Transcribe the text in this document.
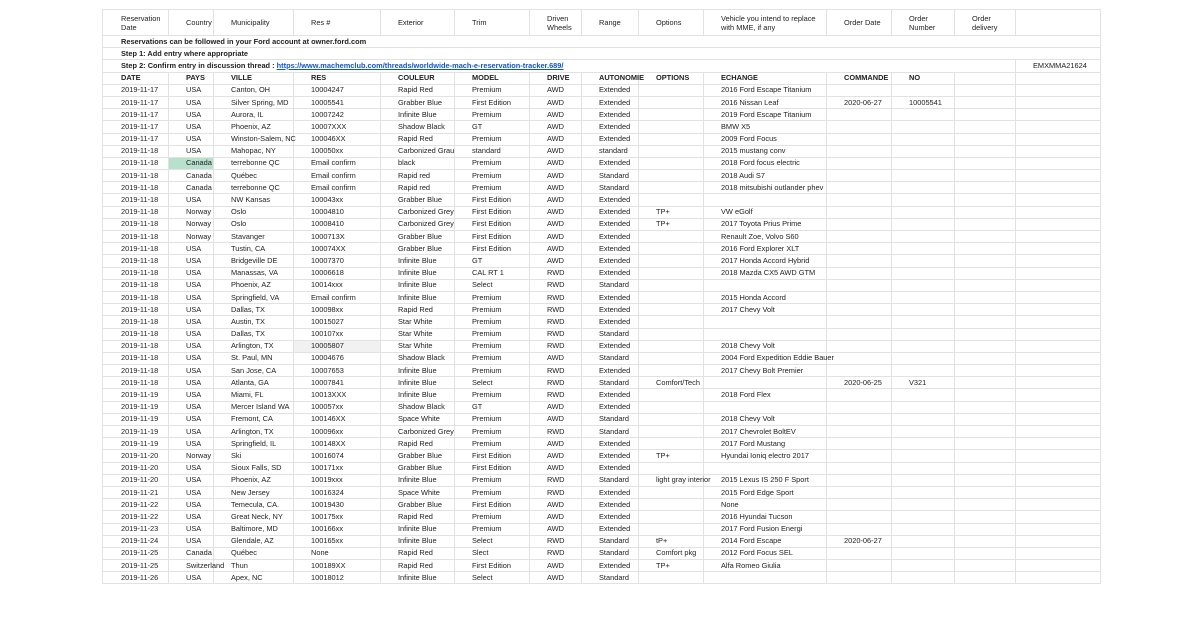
Reservation Date	Country	Municipality	Res #	Exterior	Trim	Driven Wheels	Range	Options	Vehicle you intend to replace with MME, if any	Order Date	Order Number	Order delivery	
Reservations can be followed in your Ford account at owner.ford.com													
Step 1: Add entry where appropriate													
Step 2: Confirm entry in discussion thread : https://www.machemclub.com/threads/worldwide-mach-e-reservation-tracker.689/													EMXMMA21624
DATE	PAYS	VILLE	RES	COULEUR	MODEL	DRIVE	AUTONOMIE	OPTIONS	ECHANGE	COMMANDE	NO		
2019-11-17	USA	Canton, OH	10004247	Rapid Red	Premium	AWD	Extended		2016 Ford Escape Titanium				
2019-11-17	USA	Silver Spring, MD	10005541	Grabber Blue	First Edition	AWD	Extended		2016 Nissan Leaf	2020-06-27	10005541		
2019-11-17	USA	Aurora, IL	10007242	Infinite Blue	Premium	AWD	Extended		2019 Ford Escape Titanium				
2019-11-17	USA	Phoenix, AZ	10007XXX	Shadow Black	GT	AWD	Extended		BMW X5				
2019-11-17	USA	Winston-Salem, NC	100046XX	Rapid Red	Premium	AWD	Extended		2009 Ford Focus				
2019-11-18	USA	Mahopac, NY	100050xx	Carbonized Grau	standard	AWD	standard		2015 mustang conv				
2019-11-18	Canada	terrebonne QC	Email confirm	black	Premium	AWD	Extended		2018 Ford focus electric				
2019-11-18	Canada	Québec	Email confirm	Rapid red	Premium	AWD	Standard		2018 Audi S7				
2019-11-18	Canada	terrebonne QC	Email confirm	Rapid red	Premium	AWD	Standard		2018 mitsubishi outlander phev				
2019-11-18	USA	NW Kansas	100043xx	Grabber Blue	First Edition	AWD	Extended						
2019-11-18	Norway	Oslo	10004810	Carbonized Grey	First Edition	AWD	Extended	TP+	VW eGolf				
2019-11-18	Norway	Oslo	10008410	Carbonized Grey	First Edition	AWD	Extended	TP+	2017 Toyota Prius Prime				
2019-11-18	Norway	Stavanger	1000713X	Grabber Blue	First Edition	AWD	Extended		Renault Zoe, Volvo S60				
2019-11-18	USA	Tustin, CA	100074XX	Grabber Blue	First Edition	AWD	Extended		2016 Ford Explorer XLT				
2019-11-18	USA	Bridgeville DE	10007370	Infinite Blue	GT	AWD	Extended		2017 Honda Accord Hybrid				
2019-11-18	USA	Manassas, VA	10006618	Infinite Blue	CAL RT 1	RWD	Extended		2018 Mazda CX5 AWD GTM				
2019-11-18	USA	Phoenix, AZ	10014xxx	Infinite Blue	Select	RWD	Standard						
2019-11-18	USA	Springfield, VA	Email confirm	Infinite Blue	Premium	RWD	Extended		2015 Honda Accord				
2019-11-18	USA	Dallas, TX	100098xx	Rapid Red	Premium	RWD	Extended		2017 Chevy Volt				
2019-11-18	USA	Austin, TX	10015027	Star White	Premium	RWD	Extended						
2019-11-18	USA	Dallas, TX	100107xx	Star White	Premium	RWD	Standard						
2019-11-18	USA	Arlington, TX	10005807	Star White	Premium	RWD	Extended		2018 Chevy Volt				
2019-11-18	USA	St. Paul, MN	10004676	Shadow Black	Premium	AWD	Standard		2004 Ford Expedition Eddie Bauer				
2019-11-18	USA	San Jose, CA	10007653	Infinite Blue	Premium	RWD	Extended		2017 Chevy Bolt Premier				
2019-11-18	USA	Atlanta, GA	10007841	Infinite Blue	Select	RWD	Standard	Comfort/Tech		2020-06-25	V321		
2019-11-19	USA	Miami, FL	10013XXX	Infinite Blue	Premium	RWD	Extended		2018 Ford Flex				
2019-11-19	USA	Mercer Island WA	100057xx	Shadow Black	GT	AWD	Extended						
2019-11-19	USA	Fremont, CA	100146XX	Space White	Premium	AWD	Standard		2018 Chevy Volt				
2019-11-19	USA	Arlington, TX	100096xx	Carbonized Grey	Premium	RWD	Standard		2017 Chevrolet BoltEV				
2019-11-19	USA	Springfield, IL	100148XX	Rapid Red	Premium	AWD	Extended		2017 Ford Mustang				
2019-11-20	Norway	Ski	10016074	Grabber Blue	First Edition	AWD	Extended	TP+	Hyundai Ioniq electro 2017				
2019-11-20	USA	Sioux Falls, SD	100171xx	Grabber Blue	First Edition	AWD	Extended						
2019-11-20	USA	Phoenix, AZ	10019xxx	Infinite Blue	Premium	RWD	Standard	light gray interior	2015 Lexus IS 250 F Sport				
2019-11-21	USA	New Jersey	10016324	Space White	Premium	RWD	Extended		2015 Ford Edge Sport				
2019-11-22	USA	Temecula, CA.	10019430	Grabber Blue	First Edition	AWD	Extended		None				
2019-11-22	USA	Great Neck, NY	100175xx	Rapid Red	Premium	AWD	Extended		2016 Hyundai Tucson				
2019-11-23	USA	Baltimore, MD	100166xx	Infinite Blue	Premium	AWD	Extended		2017 Ford Fusion Energi				
2019-11-24	USA	Glendale, AZ	100165xx	Infinite Blue	Select	RWD	Standard	tP+	2014 Ford Escape	2020-06-27			
2019-11-25	Canada	Québec	None	Rapid Red	Slect	RWD	Standard	Comfort pkg	2012 Ford Focus SEL				
2019-11-25	Switzerland	Thun	100189XX	Rapid Red	First Edition	AWD	Extended	TP+	Alfa Romeo Giulia				
2019-11-26	USA	Apex, NC	10018012	Infinite Blue	Select	AWD	Standard						
